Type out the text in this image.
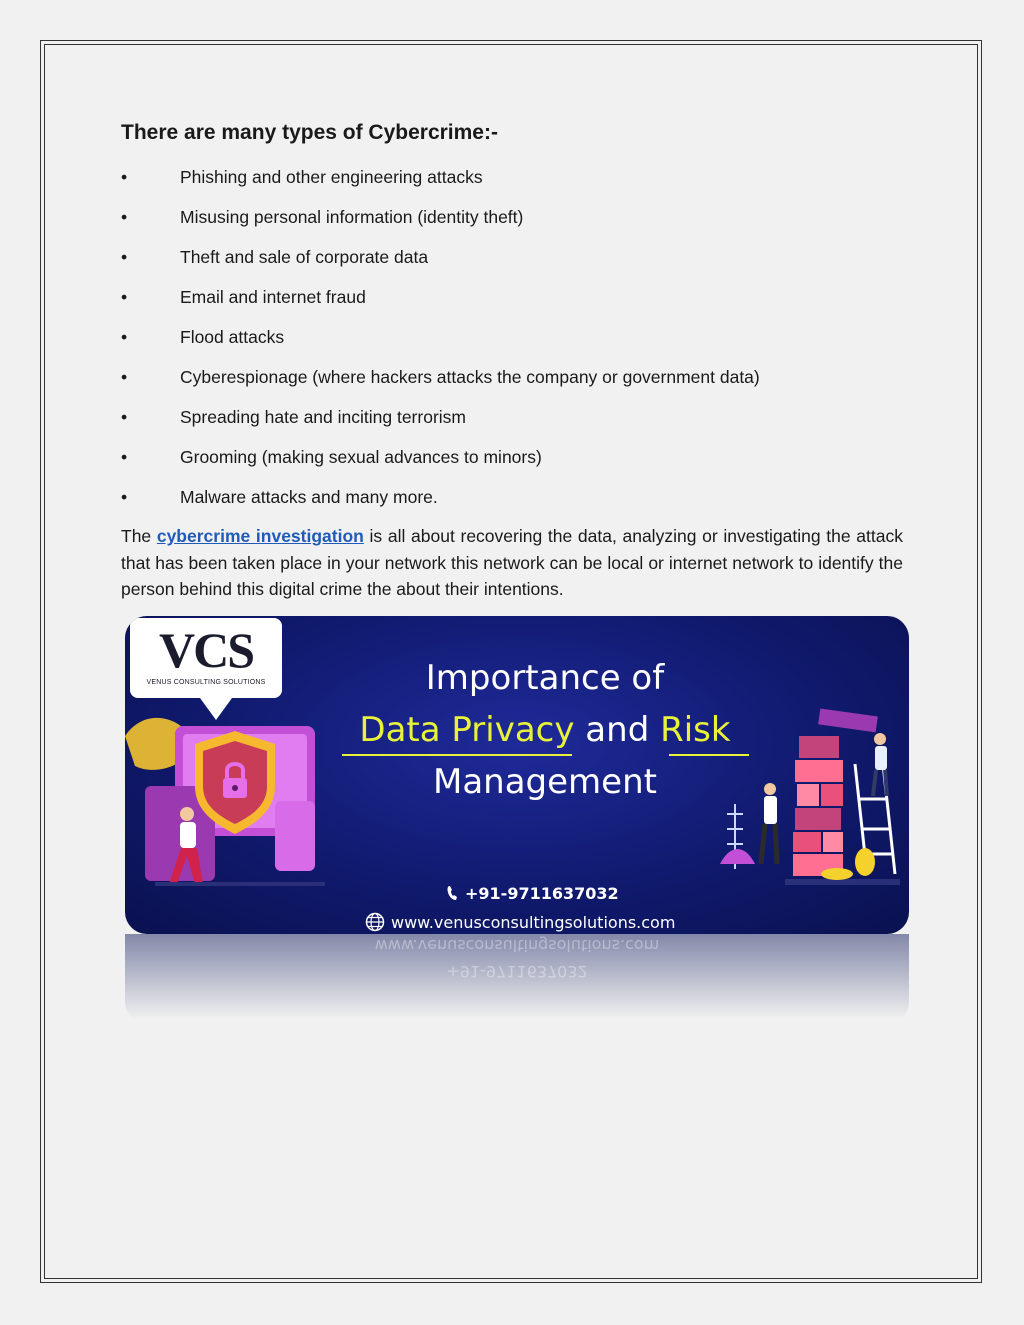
There are many types of Cybercrime:-
•	Phishing and other engineering attacks
•	Misusing personal information (identity theft)
•	Theft and sale of corporate data
•	Email and internet fraud
•	Flood attacks
•	Cyberespionage (where hackers attacks the company or government data)
•	Spreading hate and inciting terrorism
•	Grooming (making sexual advances to minors)
•	Malware attacks and many more.

The cybercrime investigation is all about recovering the data, analyzing or investigating the attack that has been taken place in your network this network can be local or internet network to identify the person behind this digital crime the about their intentions.

VCS
VENUS CONSULTING SOLUTIONS	Importance of
Data Privacy and Risk
Management
+91-9711637032
www.venusconsultingsolutions.com
www.venusconsultingsolutions.com
+91-9711637032
